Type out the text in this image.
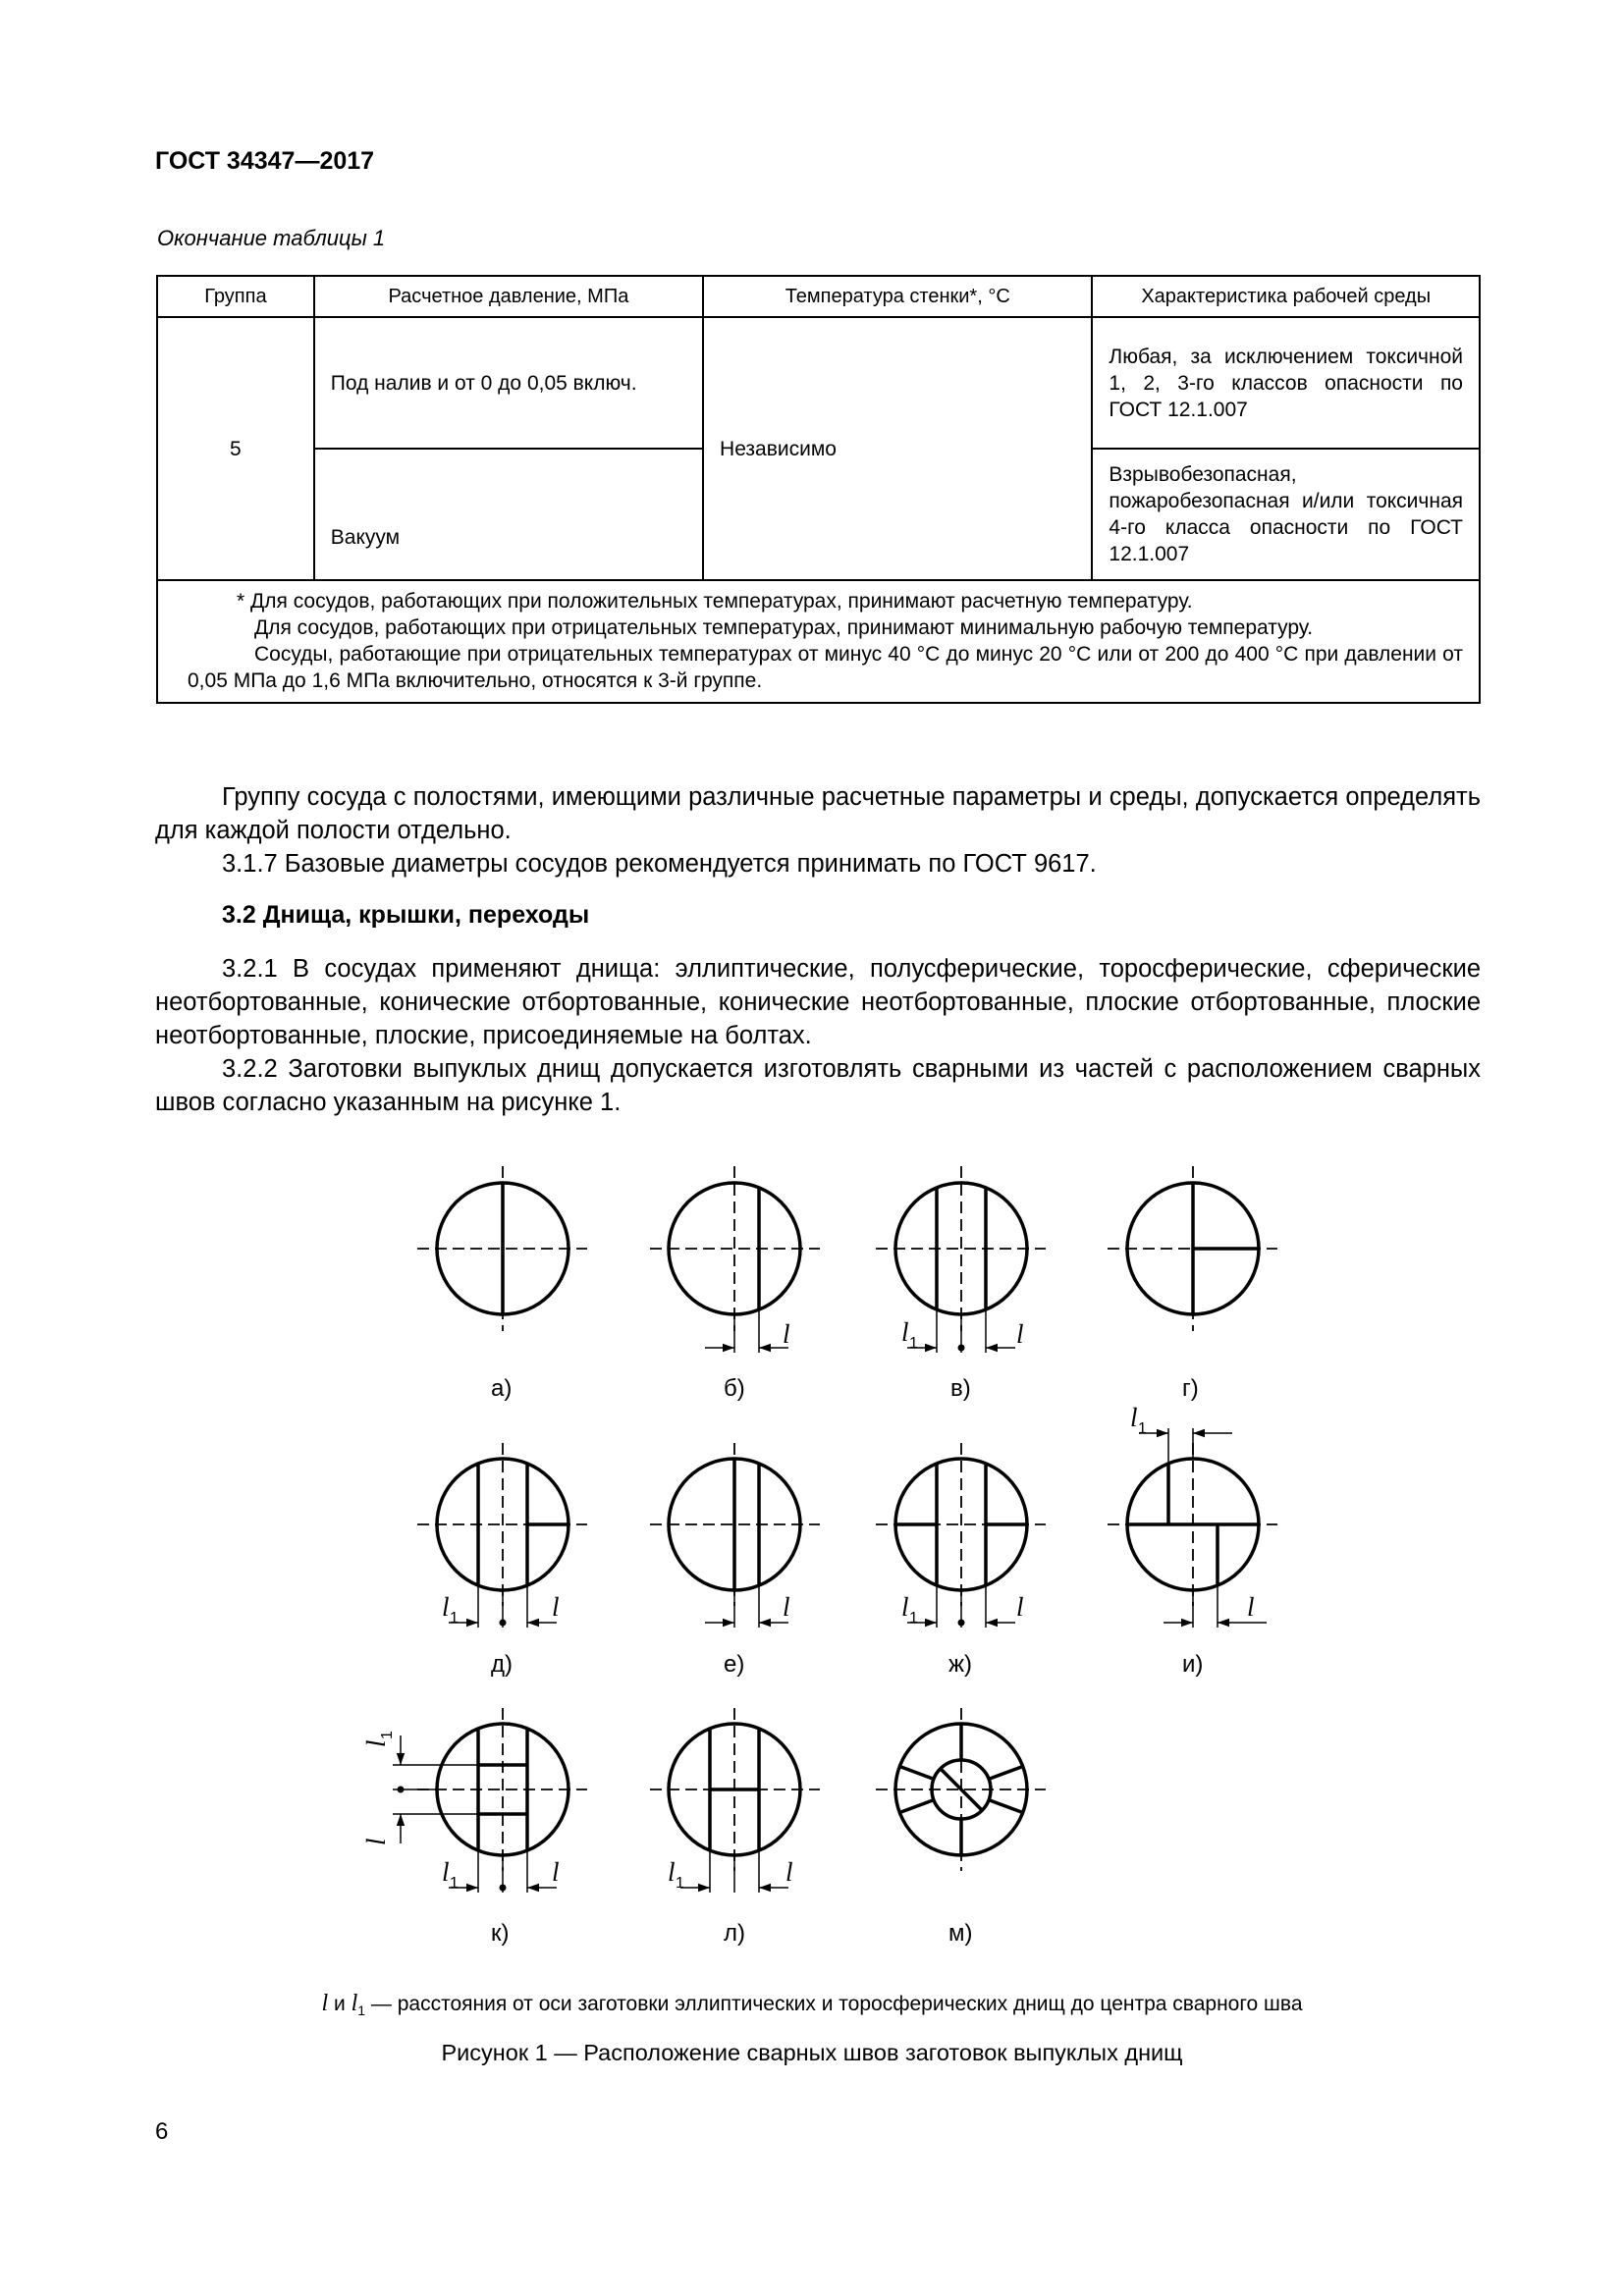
ГОСТ 34347—2017
Окончание таблицы 1
Группа	Расчетное давление, МПа	Температура стенки*, °С	Характеристика рабочей среды
5	Под налив и от 0 до 0,05 включ.	Независимо	Любая, за исключением токсичной 1, 2, 3-го классов опасности по ГОСТ 12.1.007
	Вакуум		Взрывобезопасная, пожаробезопасная и/или токсичная 4-го класса опасности по ГОСТ 12.1.007

* Для сосудов, работающих при положительных температурах, принимают расчетную температуру.

Для сосудов, работающих при отрицательных температурах, принимают минимальную рабочую температуру.

Сосуды, работающие при отрицательных температурах от минус 40 °С до минус 20 °С или от 200 до 400 °С при давлении от 0,05 МПа до 1,6 МПа включительно, относятся к 3-й группе.			

Группу сосуда с полостями, имеющими различные расчетные параметры и среды, допускается определять для каждой полости отдельно.

3.1.7 Базовые диаметры сосудов рекомендуется принимать по ГОСТ 9617.

3.2 Днища, крышки, переходы

3.2.1 В сосудах применяют днища: эллиптические, полусферические, торосферические, сферические неотбортованные, конические отбортованные, конические неотбортованные, плоские отбортованные, плоские неотбортованные, плоские, присоединяемые на болтах.

3.2.2 Заготовки выпуклых днищ допускается изготовлять сварными из частей с расположением сварных швов согласно указанным на рисунке 1.

l	l 1	l
l 1	l	l	l 1	l	l
l 1
l 1	l	l 1	l
l
1
l
а)	б)	в)	г)
д)	е)	ж)	и)
к)	л)	м)
l и $l_1$ — расстояния от оси заготовки эллиптических и торосферических днищ до центра сварного шва
Рисунок 1 — Расположение сварных швов заготовок выпуклых днищ
6
